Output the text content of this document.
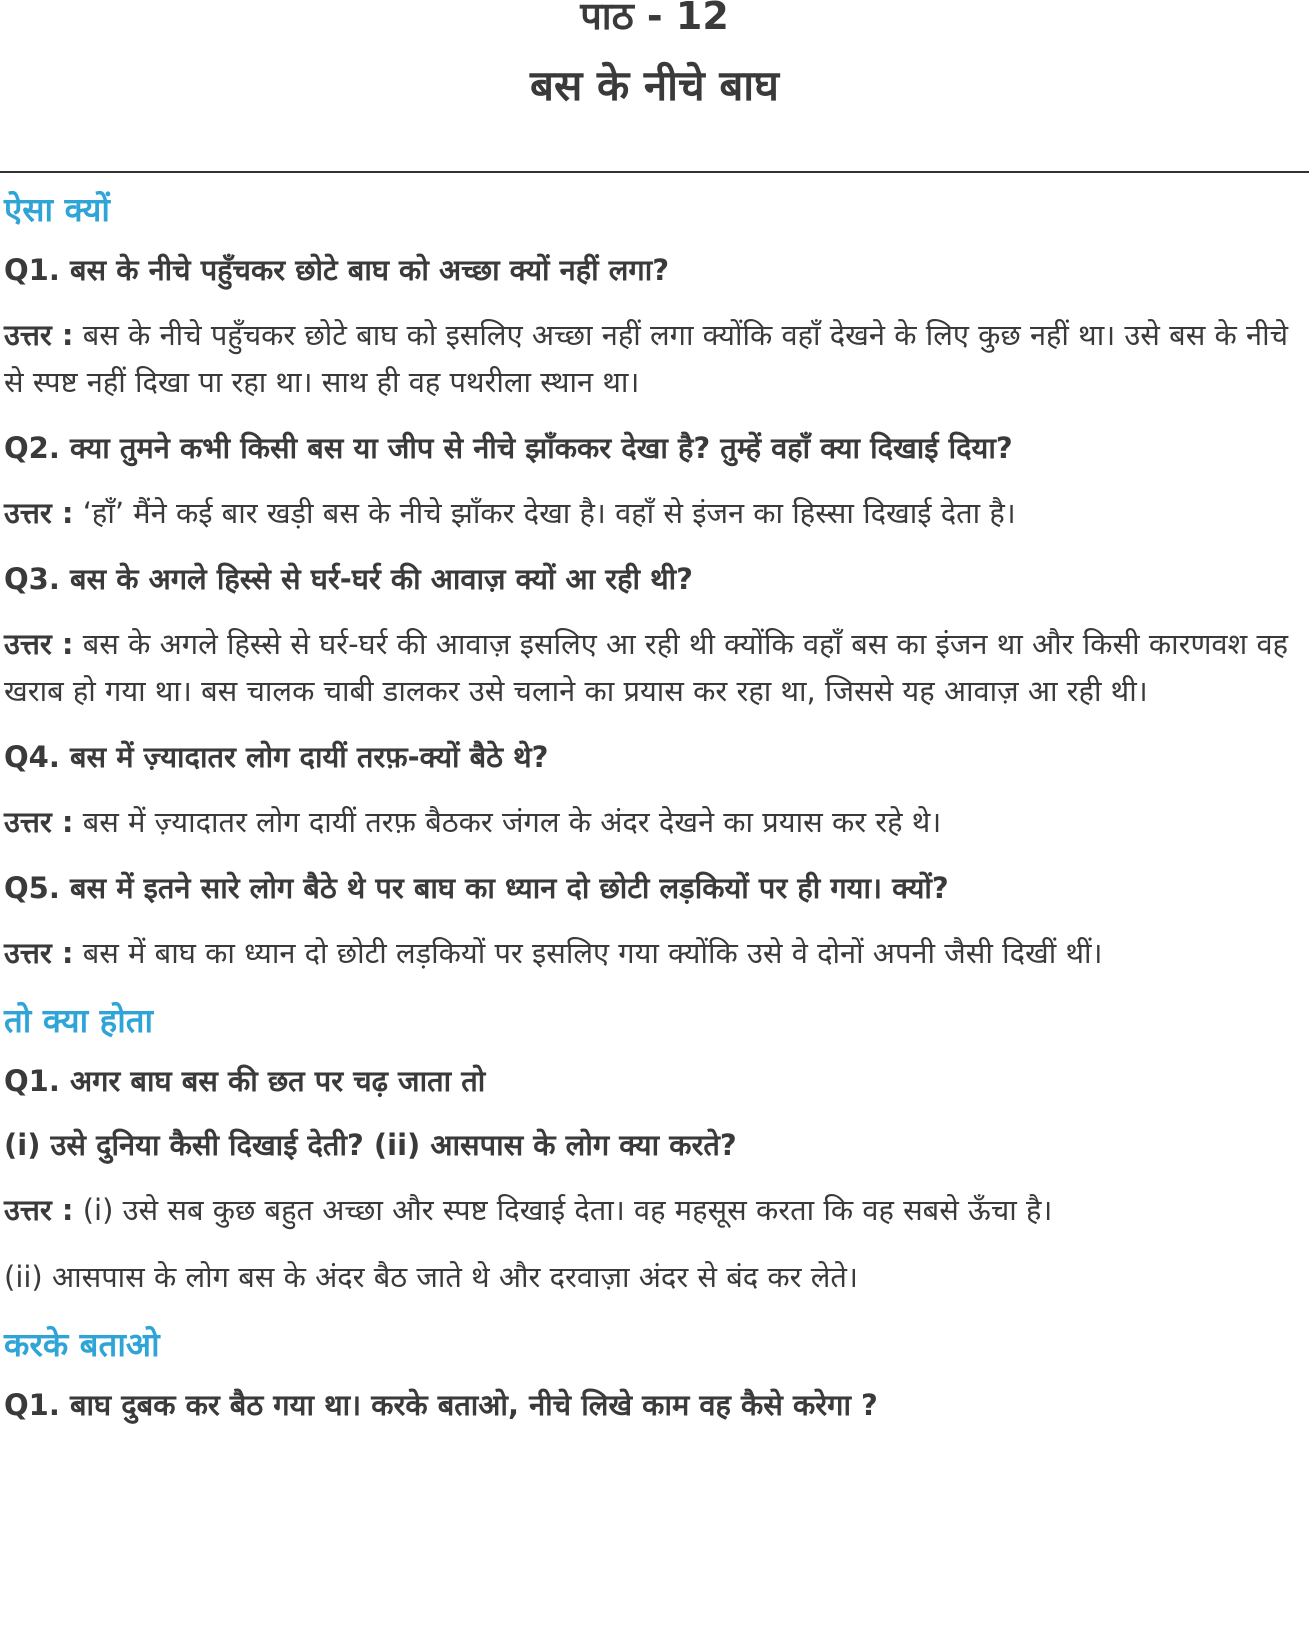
पाठ - 12
बस के नीचे बाघ
ऐसा क्यों
Q1. बस के नीचे पहुँचकर छोटे बाघ को अच्छा क्यों नहीं लगा?
उत्तर : बस के नीचे पहुँचकर छोटे बाघ को इसलिए अच्छा नहीं लगा क्योंकि वहाँ देखने के लिए कुछ नहीं था। उसे बस के नीचे से स्पष्ट नहीं दिखा पा रहा था। साथ ही वह पथरीला स्थान था।
Q2. क्या तुमने कभी किसी बस या जीप से नीचे झाँककर देखा है? तुम्हें वहाँ क्या दिखाई दिया?
उत्तर : ‘हाँ’ मैंने कई बार खड़ी बस के नीचे झाँकर देखा है। वहाँ से इंजन का हिस्सा दिखाई देता है।
Q3. बस के अगले हिस्से से घर्र-घर्र की आवाज़ क्यों आ रही थी?
उत्तर : बस के अगले हिस्से से घर्र-घर्र की आवाज़ इसलिए आ रही थी क्योंकि वहाँ बस का इंजन था और किसी कारणवश वह खराब हो गया था। बस चालक चाबी डालकर उसे चलाने का प्रयास कर रहा था, जिससे यह आवाज़ आ रही थी।
Q4. बस में ज़्यादातर लोग दायीं तरफ़-क्यों बैठे थे?
उत्तर : बस में ज़्यादातर लोग दायीं तरफ़ बैठकर जंगल के अंदर देखने का प्रयास कर रहे थे।
Q5. बस में इतने सारे लोग बैठे थे पर बाघ का ध्यान दो छोटी लड़कियों पर ही गया। क्यों?
उत्तर : बस में बाघ का ध्यान दो छोटी लड़कियों पर इसलिए गया क्योंकि उसे वे दोनों अपनी जैसी दिखीं थीं।
तो क्या होता
Q1. अगर बाघ बस की छत पर चढ़ जाता तो
(i) उसे दुनिया कैसी दिखाई देती? (ii) आसपास के लोग क्या करते?
उत्तर : (i) उसे सब कुछ बहुत अच्छा और स्पष्ट दिखाई देता। वह महसूस करता कि वह सबसे ऊँचा है।
(ii) आसपास के लोग बस के अंदर बैठ जाते थे और दरवाज़ा अंदर से बंद कर लेते।
करके बताओ
Q1. बाघ दुबक कर बैठ गया था। करके बताओ, नीचे लिखे काम वह कैसे करेगा ?
